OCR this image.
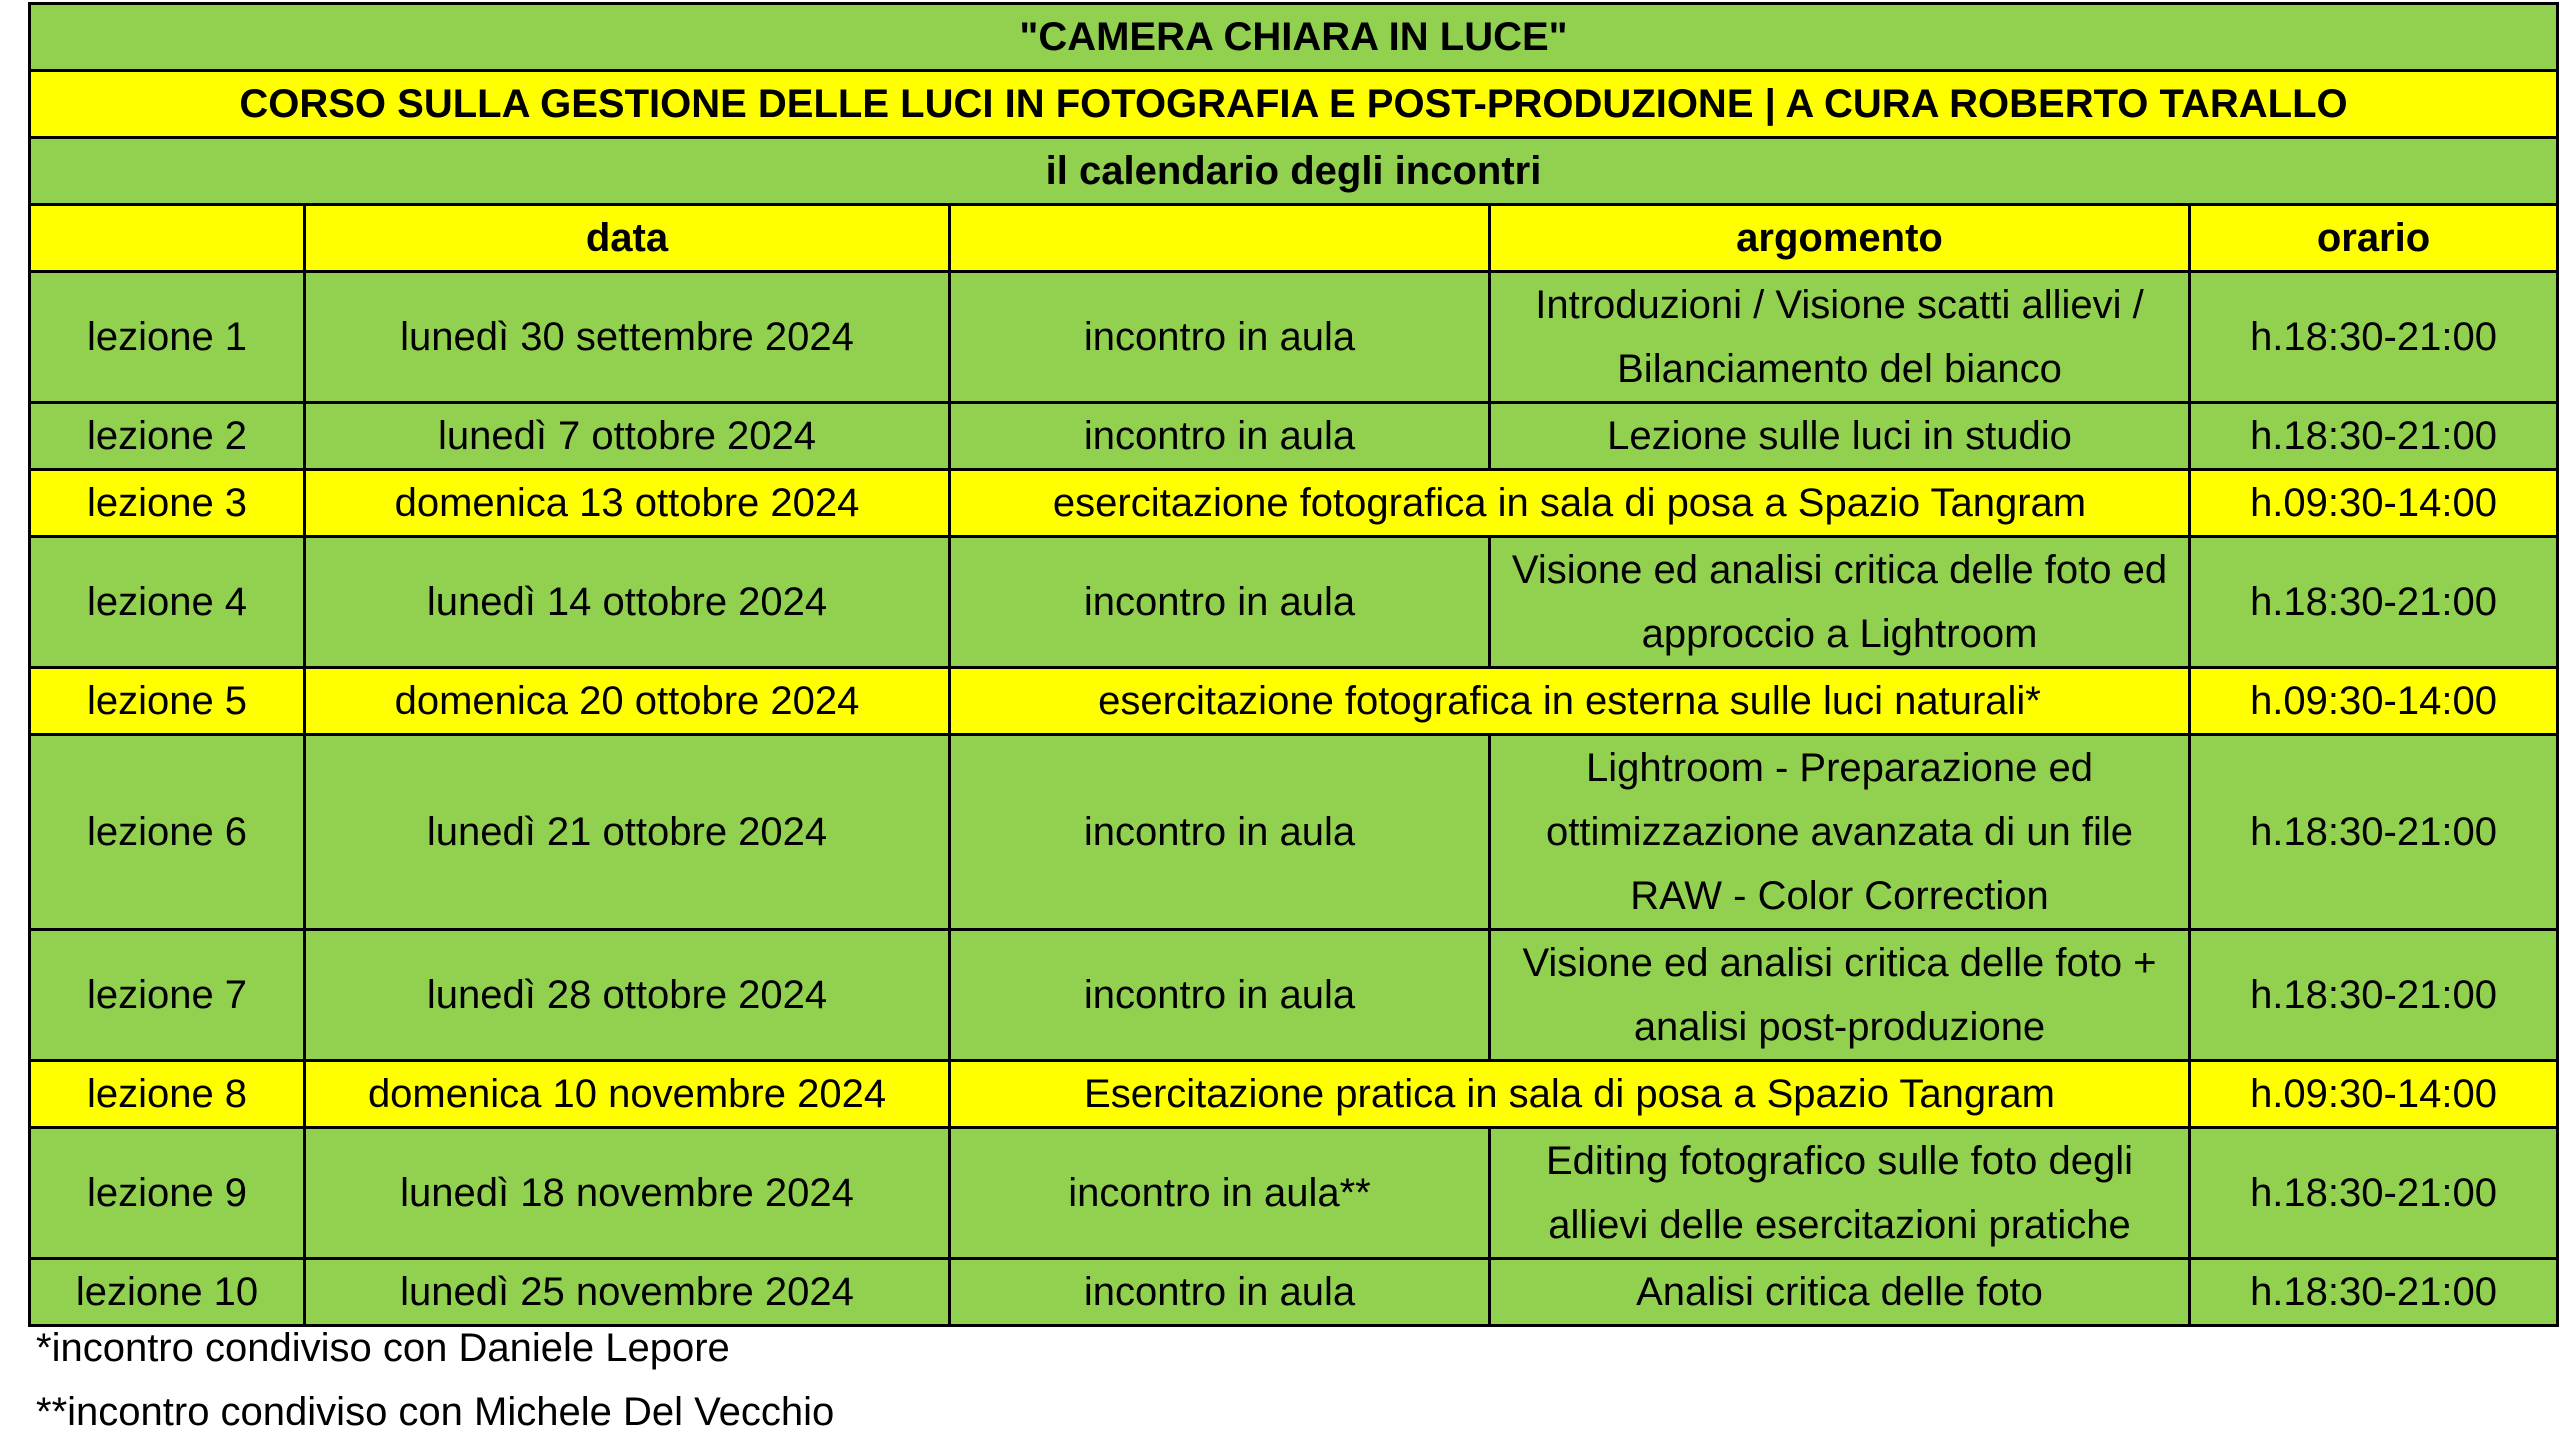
"CAMERA CHIARA IN LUCE"				
CORSO SULLA GESTIONE DELLE LUCI IN FOTOGRAFIA E POST-PRODUZIONE | A CURA ROBERTO TARALLO				
il calendario degli incontri				
	data		argomento	orario
lezione 1	lunedì 30 settembre 2024	incontro in aula	Introduzioni / Visione scatti allievi / Bilanciamento del bianco	h.18:30-21:00
lezione 2	lunedì 7 ottobre 2024	incontro in aula	Lezione sulle luci in studio	h.18:30-21:00
lezione 3	domenica 13 ottobre 2024	esercitazione fotografica in sala di posa a Spazio Tangram		h.09:30-14:00
lezione 4	lunedì 14 ottobre 2024	incontro in aula	Visione ed analisi critica delle foto ed approccio a Lightroom	h.18:30-21:00
lezione 5	domenica 20 ottobre 2024	esercitazione fotografica in esterna sulle luci naturali*		h.09:30-14:00
lezione 6	lunedì 21 ottobre 2024	incontro in aula	Lightroom - Preparazione ed ottimizzazione avanzata di un file RAW - Color Correction	h.18:30-21:00
lezione 7	lunedì 28 ottobre 2024	incontro in aula	Visione ed analisi critica delle foto + analisi post-produzione	h.18:30-21:00
lezione 8	domenica 10 novembre 2024	Esercitazione pratica in sala di posa a Spazio Tangram		h.09:30-14:00
lezione 9	lunedì 18 novembre 2024	incontro in aula**	Editing fotografico sulle foto degli allievi delle esercitazioni pratiche	h.18:30-21:00
lezione 10	lunedì 25 novembre 2024	incontro in aula	Analisi critica delle foto	h.18:30-21:00
*incontro condiviso con Daniele Lepore
**incontro condiviso con Michele Del Vecchio
